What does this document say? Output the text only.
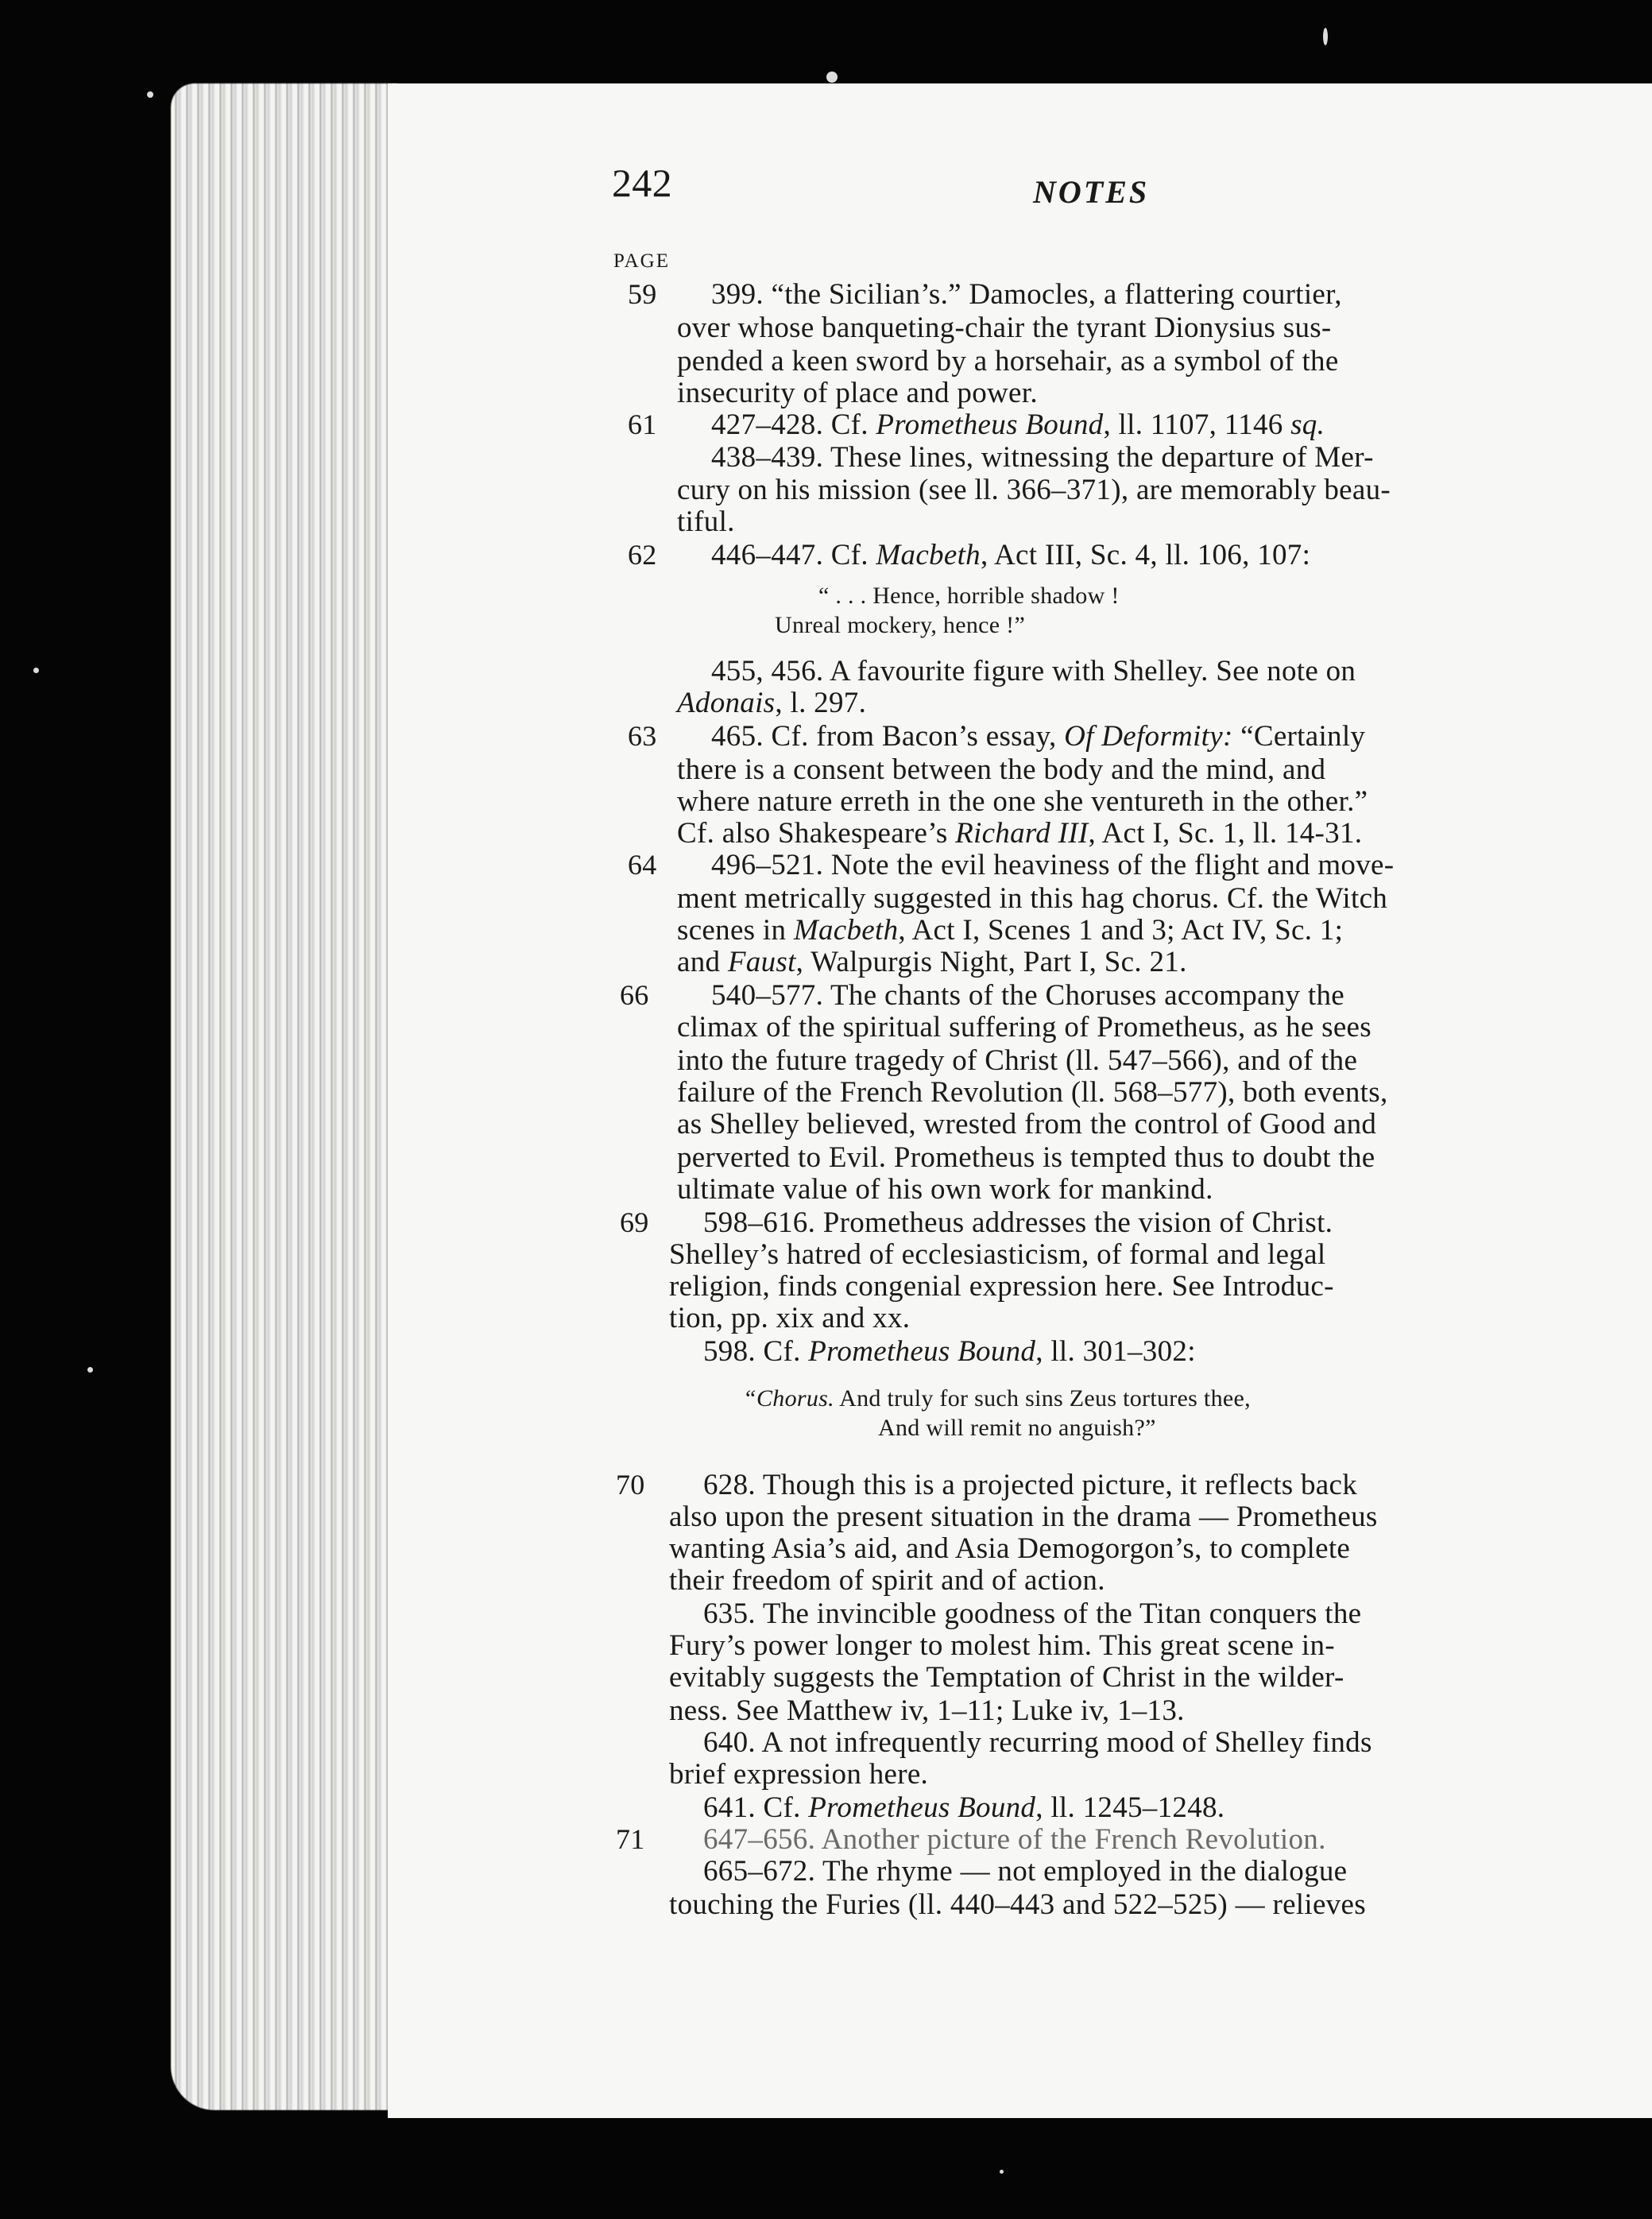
242	NOTES

PAGE

399. “the Sicilian’s.” Damocles, a flattering courtier,

over whose banqueting-chair the tyrant Dionysius sus-

pended a keen sword by a horsehair, as a symbol of the

insecurity of place and power.

427–428. Cf. Prometheus Bound, ll. 1107, 1146 sq.

438–439. These lines, witnessing the departure of Mer-

cury on his mission (see ll. 366–371), are memorably beau-

tiful.

446–447. Cf. Macbeth, Act III, Sc. 4, ll. 106, 107:

“ . . . Hence, horrible shadow !

Unreal mockery, hence !”

455, 456. A favourite figure with Shelley. See note on

Adonais, l. 297.

465. Cf. from Bacon’s essay, Of Deformity: “Certainly

there is a consent between the body and the mind, and

where nature erreth in the one she ventureth in the other.”

Cf. also Shakespeare’s Richard III, Act I, Sc. 1, ll. 14-31.

496–521. Note the evil heaviness of the flight and move-

ment metrically suggested in this hag chorus. Cf. the Witch

scenes in Macbeth, Act I, Scenes 1 and 3; Act IV, Sc. 1;

and Faust, Walpurgis Night, Part I, Sc. 21.

540–577. The chants of the Choruses accompany the

climax of the spiritual suffering of Prometheus, as he sees

into the future tragedy of Christ (ll. 547–566), and of the

failure of the French Revolution (ll. 568–577), both events,

as Shelley believed, wrested from the control of Good and

perverted to Evil. Prometheus is tempted thus to doubt the

ultimate value of his own work for mankind.

598–616. Prometheus addresses the vision of Christ.

Shelley’s hatred of ecclesiasticism, of formal and legal

religion, finds congenial expression here. See Introduc-

tion, pp. xix and xx.

598. Cf. Prometheus Bound, ll. 301–302:

“Chorus. And truly for such sins Zeus tortures thee,

And will remit no anguish?”

628. Though this is a projected picture, it reflects back

also upon the present situation in the drama — Prometheus

wanting Asia’s aid, and Asia Demogorgon’s, to complete

their freedom of spirit and of action.

635. The invincible goodness of the Titan conquers the

Fury’s power longer to molest him. This great scene in-

evitably suggests the Temptation of Christ in the wilder-

ness. See Matthew iv, 1–11; Luke iv, 1–13.

640. A not infrequently recurring mood of Shelley finds

brief expression here.

641. Cf. Prometheus Bound, ll. 1245–1248.

647–656. Another picture of the French Revolution.

665–672. The rhyme — not employed in the dialogue

touching the Furies (ll. 440–443 and 522–525) — relieves

59

61

62

63

64

66

69

70

71
